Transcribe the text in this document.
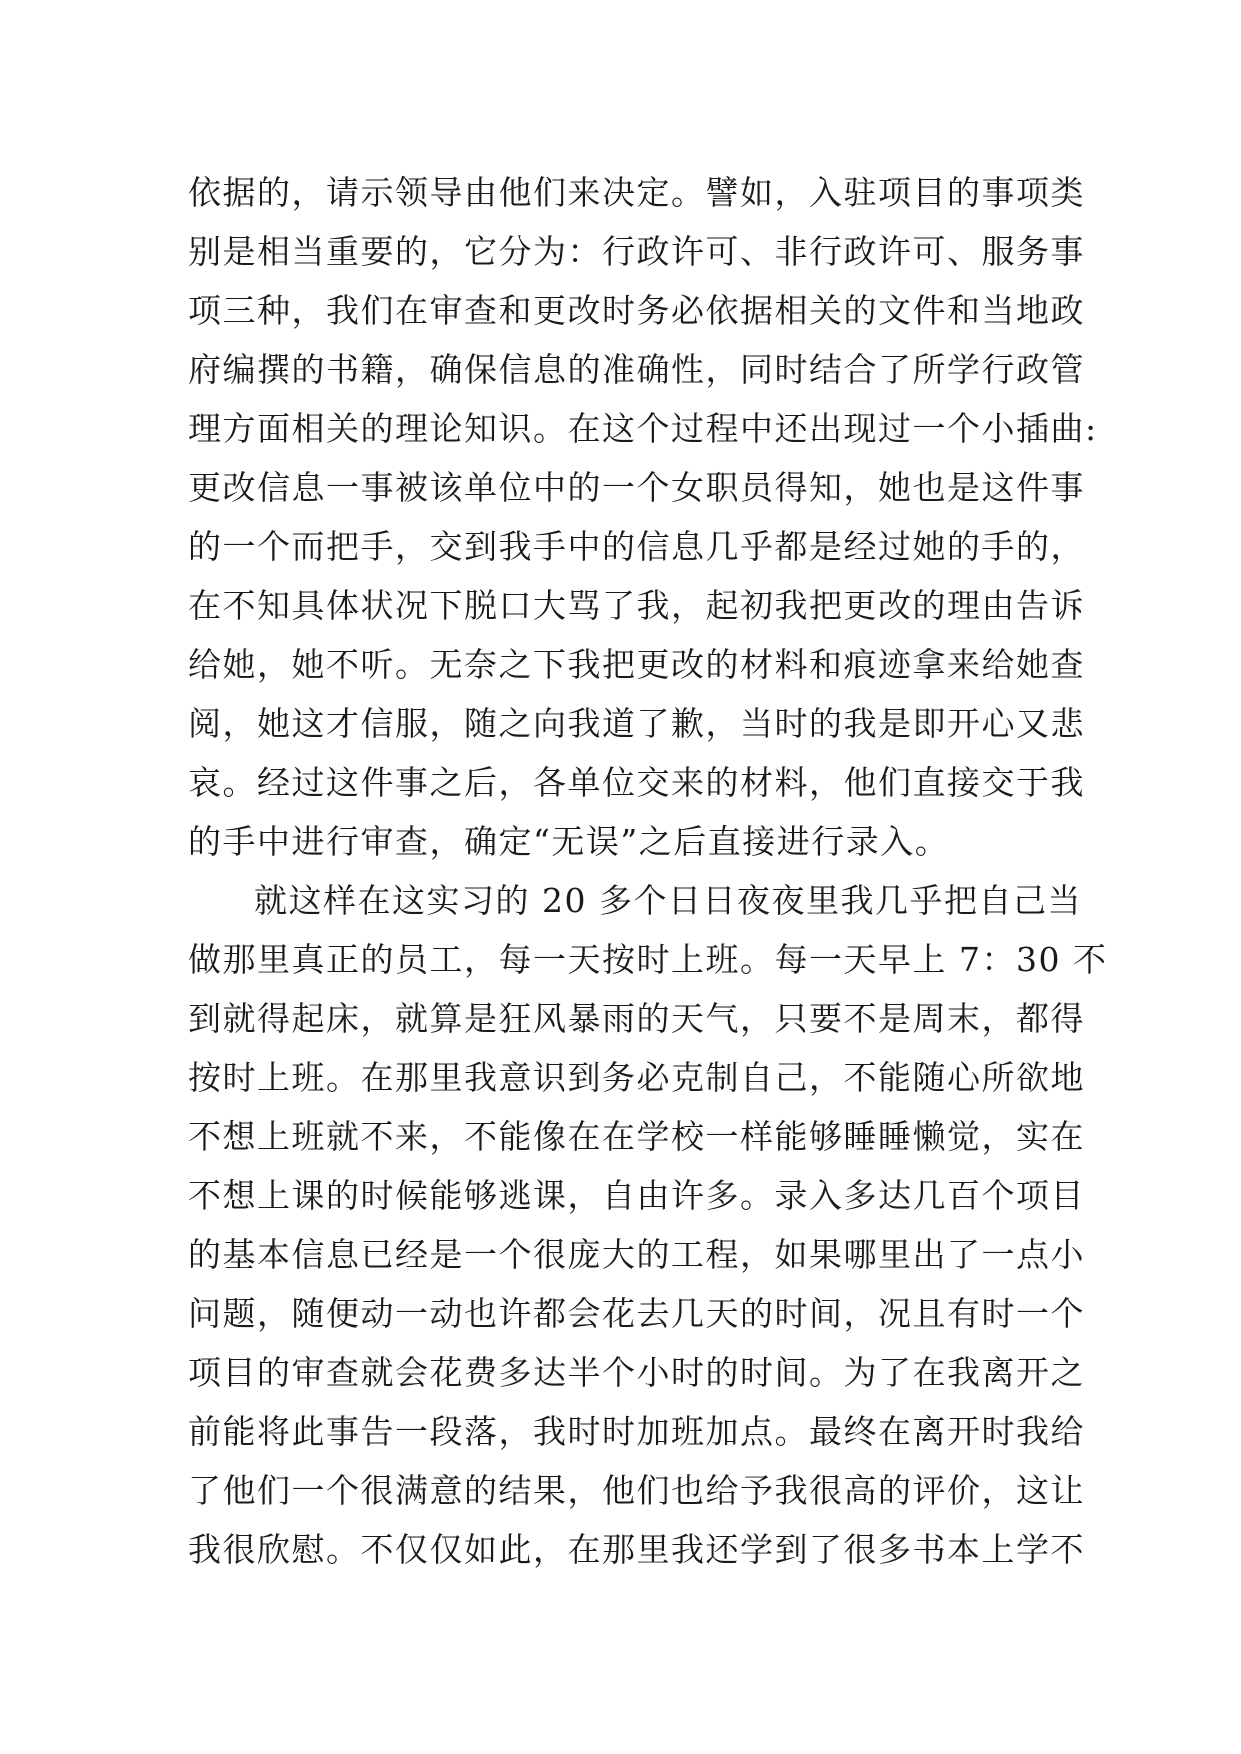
依据的，请示领导由他们来决定。譬如，入驻项目的事项类
别是相当重要的，它分为：行政许可、非行政许可、服务事
项三种，我们在审查和更改时务必依据相关的文件和当地政
府编撰的书籍，确保信息的准确性，同时结合了所学行政管
理方面相关的理论知识。在这个过程中还出现过一个小插曲:
更改信息一事被该单位中的一个女职员得知，她也是这件事
的一个而把手，交到我手中的信息几乎都是经过她的手的，
在不知具体状况下脱口大骂了我，起初我把更改的理由告诉
给她，她不听。无奈之下我把更改的材料和痕迹拿来给她查
阅，她这才信服，随之向我道了歉，当时的我是即开心又悲
哀。经过这件事之后，各单位交来的材料，他们直接交于我
的手中进行审查，确定“无误”之后直接进行录入。
就这样在这实习的 20 多个日日夜夜里我几乎把自己当
做那里真正的员工，每一天按时上班。每一天早上 7：30 不
到就得起床，就算是狂风暴雨的天气，只要不是周末，都得
按时上班。在那里我意识到务必克制自己，不能随心所欲地
不想上班就不来，不能像在在学校一样能够睡睡懒觉，实在
不想上课的时候能够逃课，自由许多。录入多达几百个项目
的基本信息已经是一个很庞大的工程，如果哪里出了一点小
问题，随便动一动也许都会花去几天的时间，况且有时一个
项目的审查就会花费多达半个小时的时间。为了在我离开之
前能将此事告一段落，我时时加班加点。最终在离开时我给
了他们一个很满意的结果，他们也给予我很高的评价，这让
我很欣慰。不仅仅如此，在那里我还学到了很多书本上学不
